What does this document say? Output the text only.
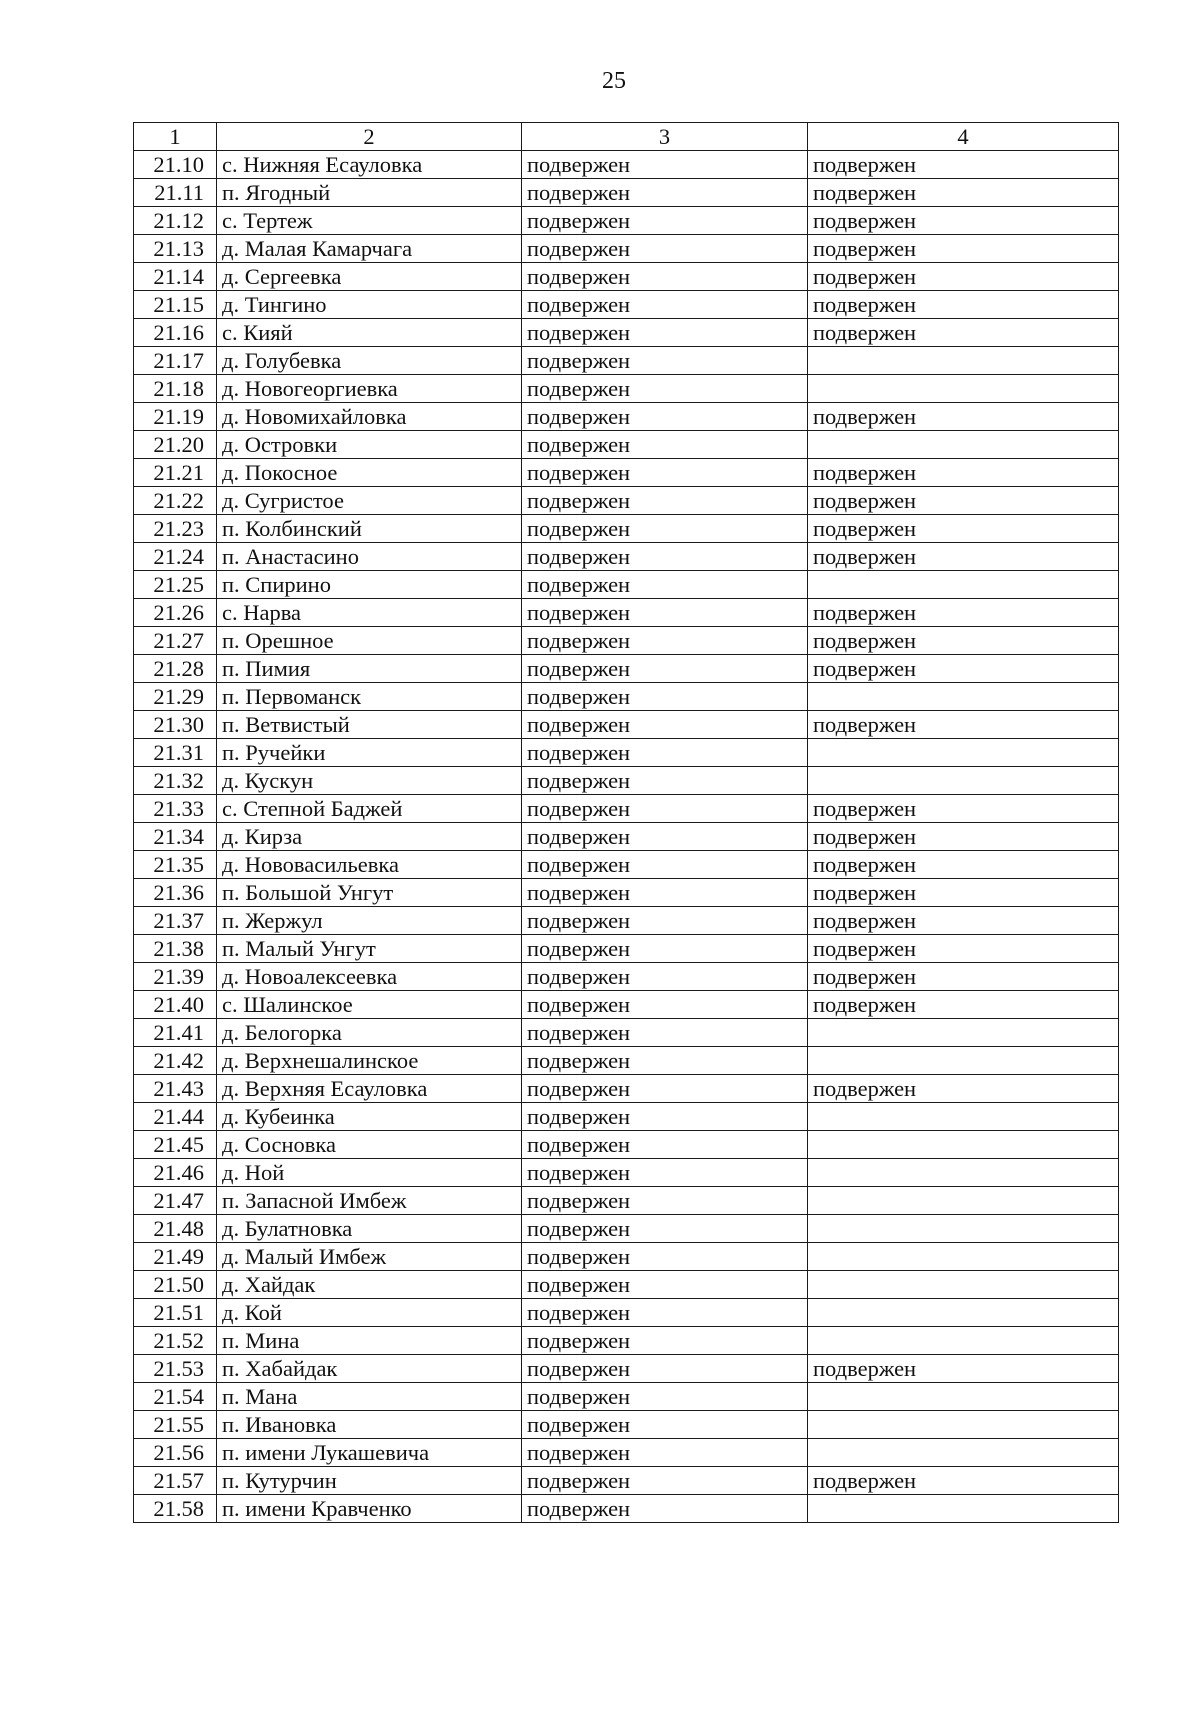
25
1	2	3	4
21.10	с. Нижняя Есауловка	подвержен	подвержен
21.11	п. Ягодный	подвержен	подвержен
21.12	с. Тертеж	подвержен	подвержен
21.13	д. Малая Камарчага	подвержен	подвержен
21.14	д. Сергеевка	подвержен	подвержен
21.15	д. Тингино	подвержен	подвержен
21.16	с. Кияй	подвержен	подвержен
21.17	д. Голубевка	подвержен	
21.18	д. Новогеоргиевка	подвержен	
21.19	д. Новомихайловка	подвержен	подвержен
21.20	д. Островки	подвержен	
21.21	д. Покосное	подвержен	подвержен
21.22	д. Сугристое	подвержен	подвержен
21.23	п. Колбинский	подвержен	подвержен
21.24	п. Анастасино	подвержен	подвержен
21.25	п. Спирино	подвержен	
21.26	с. Нарва	подвержен	подвержен
21.27	п. Орешное	подвержен	подвержен
21.28	п. Пимия	подвержен	подвержен
21.29	п. Первоманск	подвержен	
21.30	п. Ветвистый	подвержен	подвержен
21.31	п. Ручейки	подвержен	
21.32	д. Кускун	подвержен	
21.33	с. Степной Баджей	подвержен	подвержен
21.34	д. Кирза	подвержен	подвержен
21.35	д. Нововасильевка	подвержен	подвержен
21.36	п. Большой Унгут	подвержен	подвержен
21.37	п. Жержул	подвержен	подвержен
21.38	п. Малый Унгут	подвержен	подвержен
21.39	д. Новоалексеевка	подвержен	подвержен
21.40	с. Шалинское	подвержен	подвержен
21.41	д. Белогорка	подвержен	
21.42	д. Верхнешалинское	подвержен	
21.43	д. Верхняя Есауловка	подвержен	подвержен
21.44	д. Кубеинка	подвержен	
21.45	д. Сосновка	подвержен	
21.46	д. Ной	подвержен	
21.47	п. Запасной Имбеж	подвержен	
21.48	д. Булатновка	подвержен	
21.49	д. Малый Имбеж	подвержен	
21.50	д. Хайдак	подвержен	
21.51	д. Кой	подвержен	
21.52	п. Мина	подвержен	
21.53	п. Хабайдак	подвержен	подвержен
21.54	п. Мана	подвержен	
21.55	п. Ивановка	подвержен	
21.56	п. имени Лукашевича	подвержен	
21.57	п. Кутурчин	подвержен	подвержен
21.58	п. имени Кравченко	подвержен	
